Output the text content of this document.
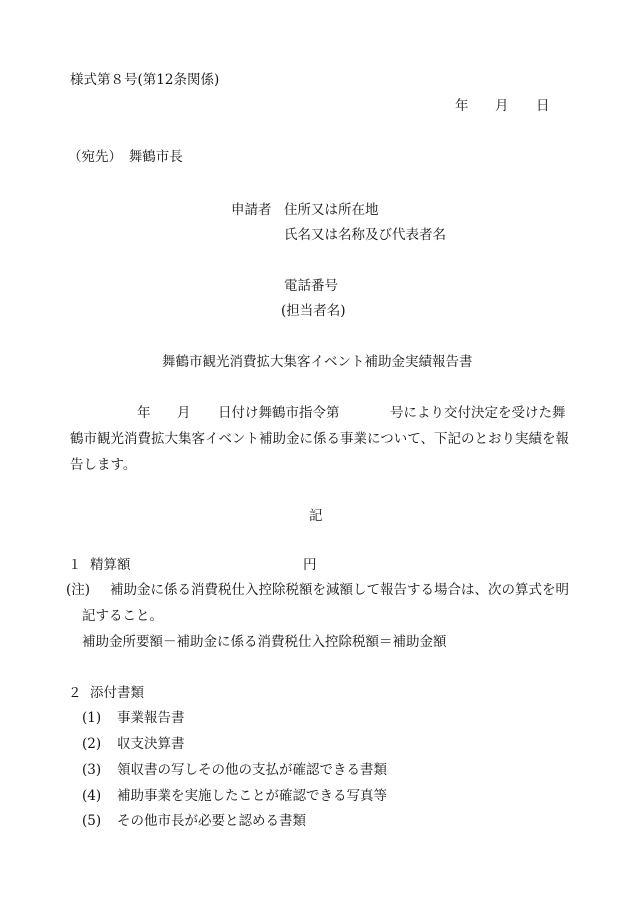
様式第８号(第12条関係)
年 月 日
（宛先）　舞鶴市長
申請者 住所又は所在地
氏名又は名称及び代表者名
電話番号
(担当者名)
舞鶴市観光消費拡大集客イベント補助金実績報告書
年 月 日付け舞鶴市指令第	号により交付決定を受けた舞
鶴市観光消費拡大集客イベント補助金に係る事業について、下記のとおり実績を報
告します。
記
１ 精算額	円
(注) 補助金に係る消費税仕入控除税額を減額して報告する場合は、次の算式を明
記すること。
補助金所要額－補助金に係る消費税仕入控除税額＝補助金額
２ 添付書類
(1) 事業報告書
(2) 収支決算書
(3) 領収書の写しその他の支払が確認できる書類
(4) 補助事業を実施したことが確認できる写真等
(5) その他市長が必要と認める書類
